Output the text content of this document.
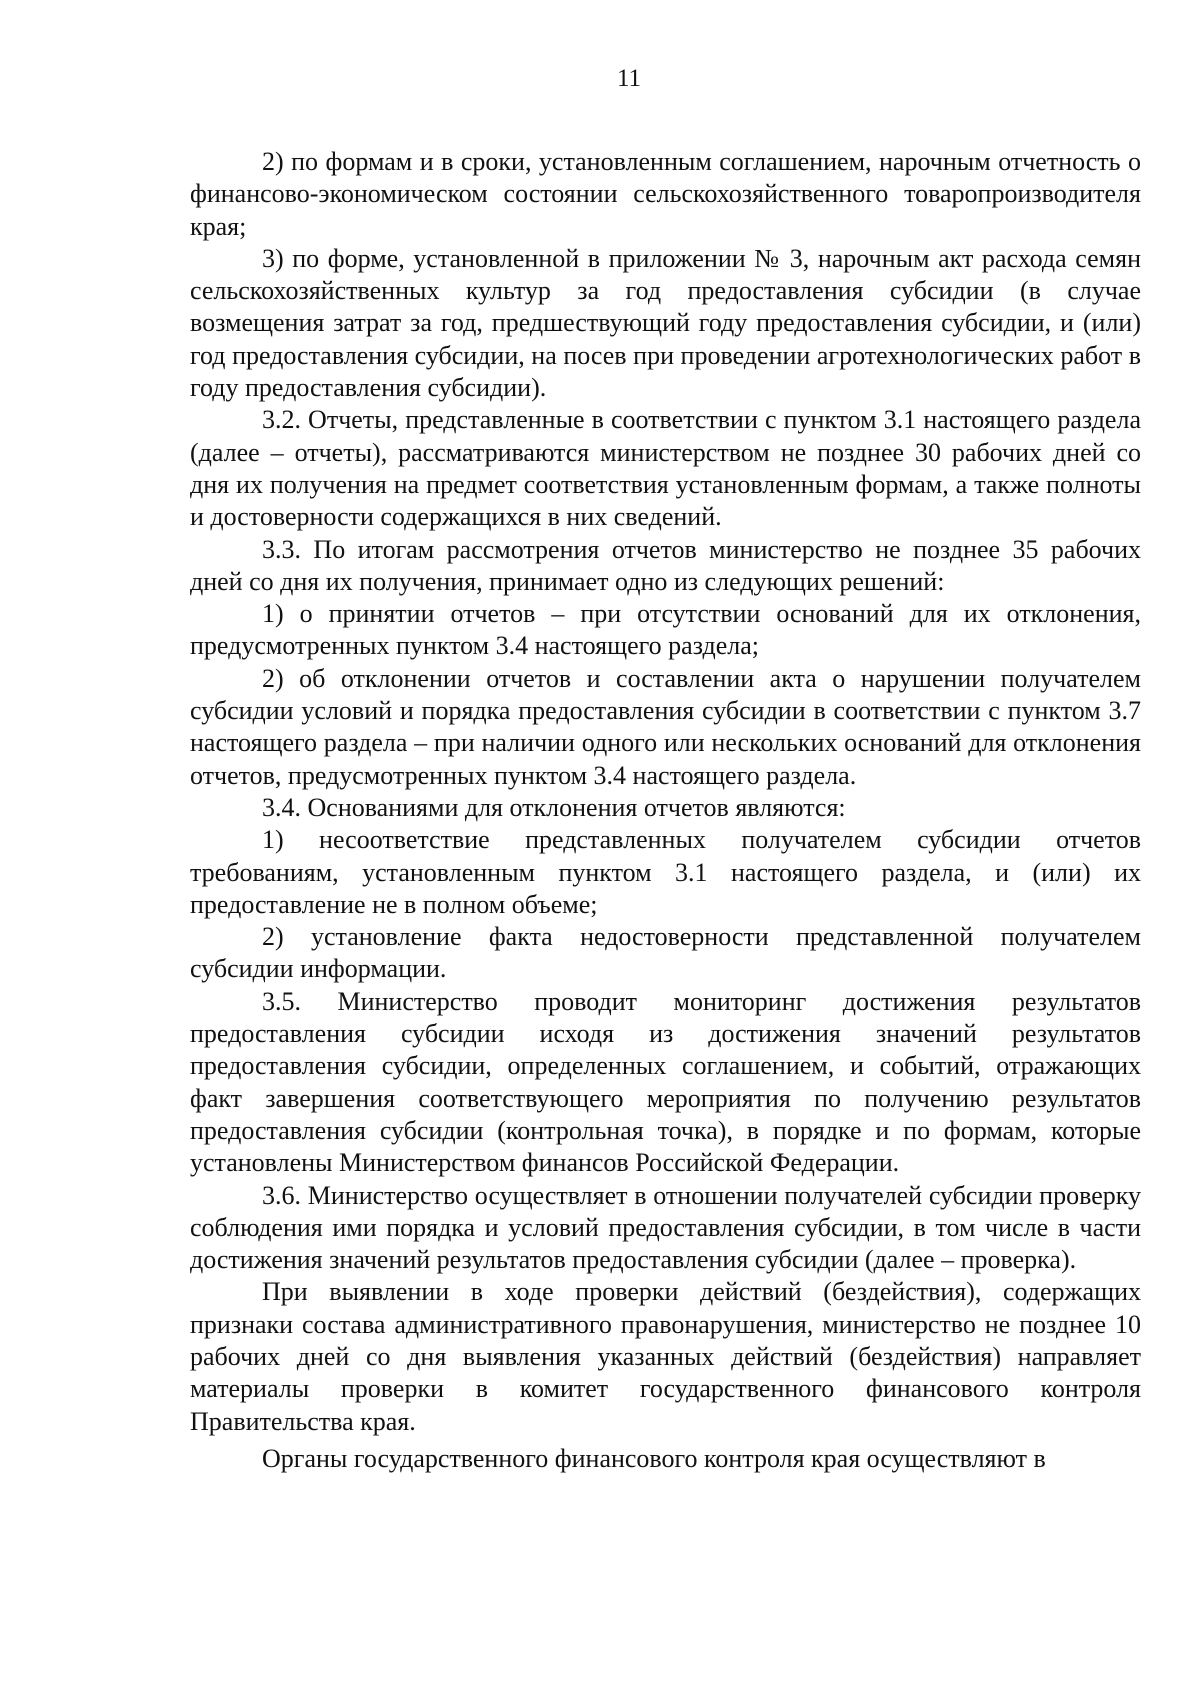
11

2) по формам и в сроки, установленным соглашением, нарочным отчетность о финансово-экономическом состоянии сельскохозяйственного товаропроизводителя края;

3) по форме, установленной в приложении № 3, нарочным акт расхода семян сельскохозяйственных культур за год предоставления субсидии (в случае возмещения затрат за год, предшествующий году предоставления субсидии, и (или) год предоставления субсидии, на посев при проведении агротехнологических работ в году предоставления субсидии).

3.2. Отчеты, представленные в соответствии с пунктом 3.1 настоящего раздела (далее – отчеты), рассматриваются министерством не позднее 30 рабочих дней со дня их получения на предмет соответствия установленным формам, а также полноты и достоверности содержащихся в них сведений.

3.3. По итогам рассмотрения отчетов министерство не позднее 35 рабочих дней со дня их получения, принимает одно из следующих решений:

1) о принятии отчетов – при отсутствии оснований для их отклонения, предусмотренных пунктом 3.4 настоящего раздела;

2) об отклонении отчетов и составлении акта о нарушении получателем субсидии условий и порядка предоставления субсидии в соответствии с пунктом 3.7 настоящего раздела – при наличии одного или нескольких оснований для отклонения отчетов, предусмотренных пунктом 3.4 настоящего раздела.

3.4. Основаниями для отклонения отчетов являются:

1) несоответствие представленных получателем субсидии отчетов требованиям, установленным пунктом 3.1 настоящего раздела, и (или) их предоставление не в полном объеме;

2) установление факта недостоверности представленной получателем субсидии информации.

3.5. Министерство проводит мониторинг достижения результатов предоставления субсидии исходя из достижения значений результатов предоставления субсидии, определенных соглашением, и событий, отражающих факт завершения соответствующего мероприятия по получению результатов предоставления субсидии (контрольная точка), в порядке и по формам, которые установлены Министерством финансов Российской Федерации.

3.6. Министерство осуществляет в отношении получателей субсидии проверку соблюдения ими порядка и условий предоставления субсидии, в том числе в части достижения значений результатов предоставления субсидии (далее – проверка).

При выявлении в ходе проверки действий (бездействия), содержащих признаки состава административного правонарушения, министерство не позднее 10 рабочих дней со дня выявления указанных действий (бездействия) направляет материалы проверки в комитет государственного финансового контроля Правительства края.

Органы государственного финансового контроля края осуществляют в
